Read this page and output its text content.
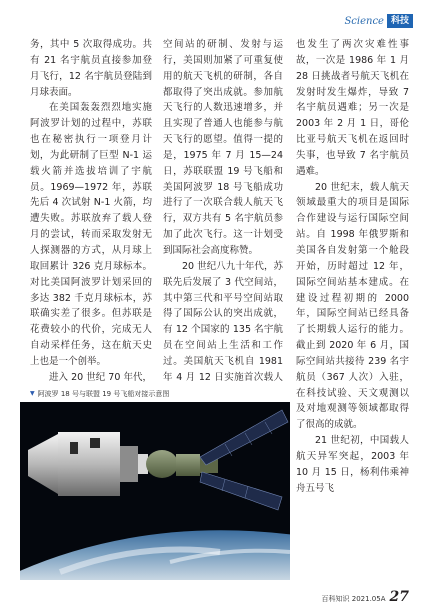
Science 科技

务，其中 5 次取得成功。共有 21 名宇航员直接参加登月飞行，12 名宇航员登陆到月球表面。

在美国轰轰烈烈地实施阿波罗计划的过程中，苏联也在秘密执行一项登月计划，为此研制了巨型 N-1 运载火箭并选拔培训了宇航员。1969—1972 年，苏联先后 4 次试射 N-1 火箭，均遭失败。苏联放弃了载人登月的尝试，转而采取发射无人探测器的方式，从月球上取回累计 326 克月球标本。对比美国阿波罗计划采回的多达 382 千克月球标本，苏联确实差了很多。但苏联是花费较小的代价，完成无人自动采样任务，这在航天史上也是一个创举。

进入 20 世纪 70 年代，

空间站的研制、发射与运行，美国则加紧了可重复使用的航天飞机的研制，各自都取得了突出成就。参加航天飞行的人数迅速增多，并且实现了普通人也能参与航天飞行的愿望。值得一提的是，1975 年 7 月 15—24 日，苏联联盟 19 号飞船和美国阿波罗 18 号飞船成功进行了一次联合载人航天飞行，双方共有 5 名宇航员参加了此次飞行。这一计划受到国际社会高度称赞。

20 世纪八九十年代，苏联先后发展了 3 代空间站，其中第三代和平号空间站取得了国际公认的突出成就，有 12 个国家的 135 名宇航员在空间站上生活和工作过。美国航天飞机自 1981 年 4 月 12 日实施首次载人

也发生了两次灾难性事故，一次是 1986 年 1 月 28 日挑战者号航天飞机在发射时发生爆炸，导致 7 名宇航员遇难；另一次是 2003 年 2 月 1 日，哥伦比亚号航天飞机在返回时失事，也导致 7 名宇航员遇难。

20 世纪末，载人航天领域最重大的项目是国际合作建设与运行国际空间站。自 1998 年俄罗斯和美国各自发射第一个舱段开始，历时超过 12 年，国际空间站基本建成。在建设过程初期的 2000 年，国际空间站已经具备了长期载人运行的能力。截止到 2020 年 6 月，国际空间站共接待 239 名宇航员（367 人次）入驻，在科技试验、天文观测以及对地观测等领域都取得了很高的成就。

21 世纪初，中国载人航天异军突起，2003 年 10 月 15 日，杨利伟乘神舟五号飞

▼ 阿波罗 18 号与联盟 19 号飞船对接示意图
百科知识 2021.05A 27
